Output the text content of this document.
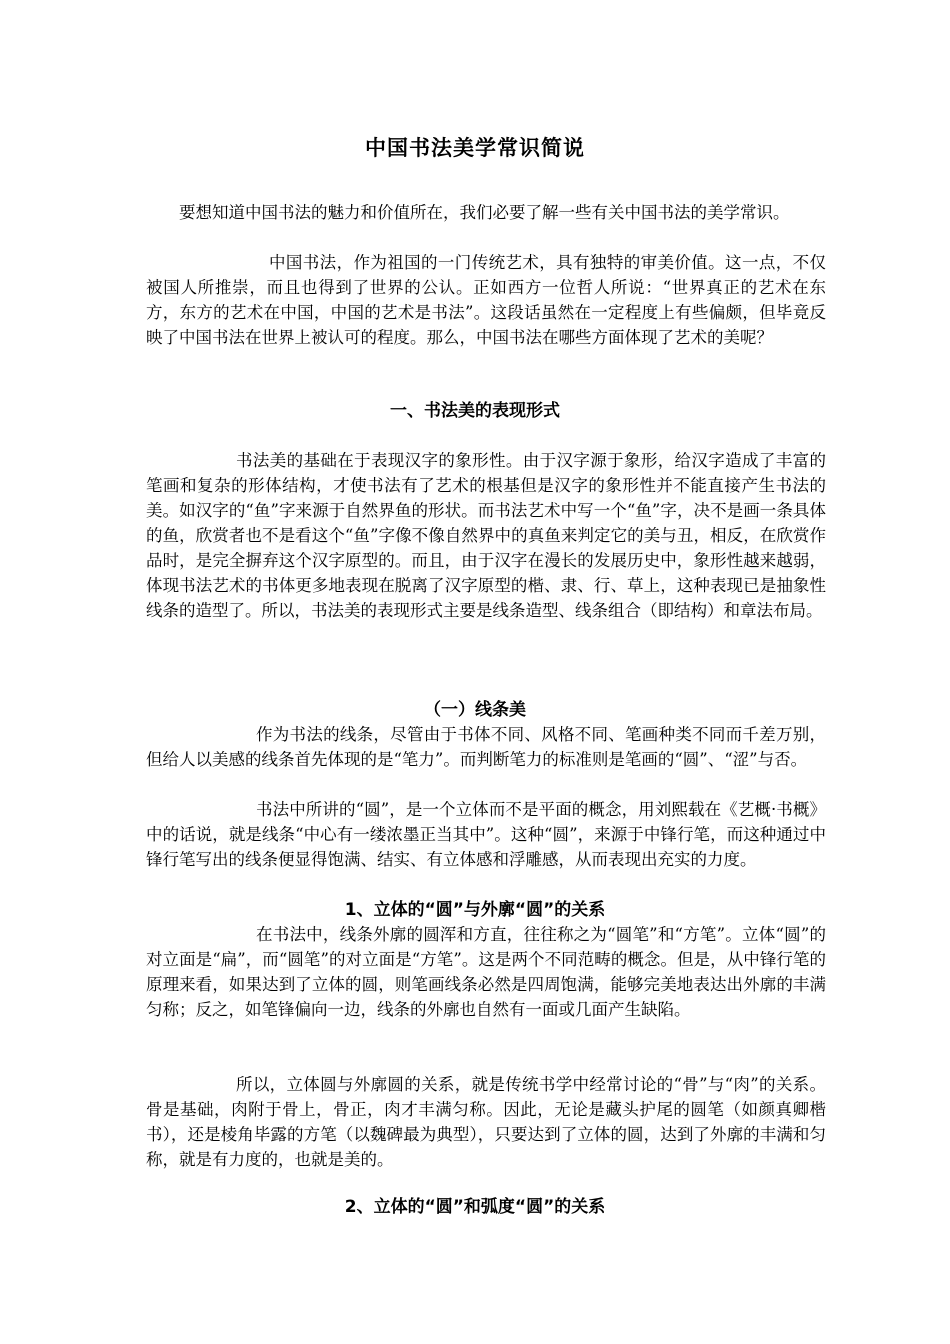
中国书法美学常识简说

要想知道中国书法的魅力和价值所在，我们必要了解一些有关中国书法的美学常识。

中国书法，作为祖国的一门传统艺术，具有独特的审美价值。这一点，不仅被国人所推崇，而且也得到了世界的公认。正如西方一位哲人所说：“世界真正的艺术在东方，东方的艺术在中国，中国的艺术是书法”。这段话虽然在一定程度上有些偏颇，但毕竟反映了中国书法在世界上被认可的程度。那么，中国书法在哪些方面体现了艺术的美呢？

一、书法美的表现形式

书法美的基础在于表现汉字的象形性。由于汉字源于象形，给汉字造成了丰富的笔画和复杂的形体结构，才使书法有了艺术的根基但是汉字的象形性并不能直接产生书法的美。如汉字的“鱼”字来源于自然界鱼的形状。而书法艺术中写一个“鱼”字，决不是画一条具体的鱼，欣赏者也不是看这个“鱼”字像不像自然界中的真鱼来判定它的美与丑，相反，在欣赏作品时，是完全摒弃这个汉字原型的。而且，由于汉字在漫长的发展历史中，象形性越来越弱，体现书法艺术的书体更多地表现在脱离了汉字原型的楷、隶、行、草上，这种表现已是抽象性线条的造型了。所以，书法美的表现形式主要是线条造型、线条组合（即结构）和章法布局。

（一）线条美

作为书法的线条，尽管由于书体不同、风格不同、笔画种类不同而千差万别，但给人以美感的线条首先体现的是“笔力”。而判断笔力的标准则是笔画的“圆”、“涩”与否。

书法中所讲的“圆”，是一个立体而不是平面的概念，用刘熙载在《艺概·书概》中的话说，就是线条“中心有一缕浓墨正当其中”。这种“圆”，来源于中锋行笔，而这种通过中锋行笔写出的线条便显得饱满、结实、有立体感和浮雕感，从而表现出充实的力度。

1、立体的“圆”与外廓“圆”的关系

在书法中，线条外廓的圆浑和方直，往往称之为“圆笔”和“方笔”。立体“圆”的对立面是“扁”，而“圆笔”的对立面是“方笔”。这是两个不同范畴的概念。但是，从中锋行笔的原理来看，如果达到了立体的圆，则笔画线条必然是四周饱满，能够完美地表达出外廓的丰满匀称；反之，如笔锋偏向一边，线条的外廓也自然有一面或几面产生缺陷。

所以，立体圆与外廓圆的关系，就是传统书学中经常讨论的“骨”与“肉”的关系。骨是基础，肉附于骨上，骨正，肉才丰满匀称。因此，无论是藏头护尾的圆笔（如颜真卿楷书），还是棱角毕露的方笔（以魏碑最为典型），只要达到了立体的圆，达到了外廓的丰满和匀称，就是有力度的，也就是美的。

2、立体的“圆”和弧度“圆”的关系
